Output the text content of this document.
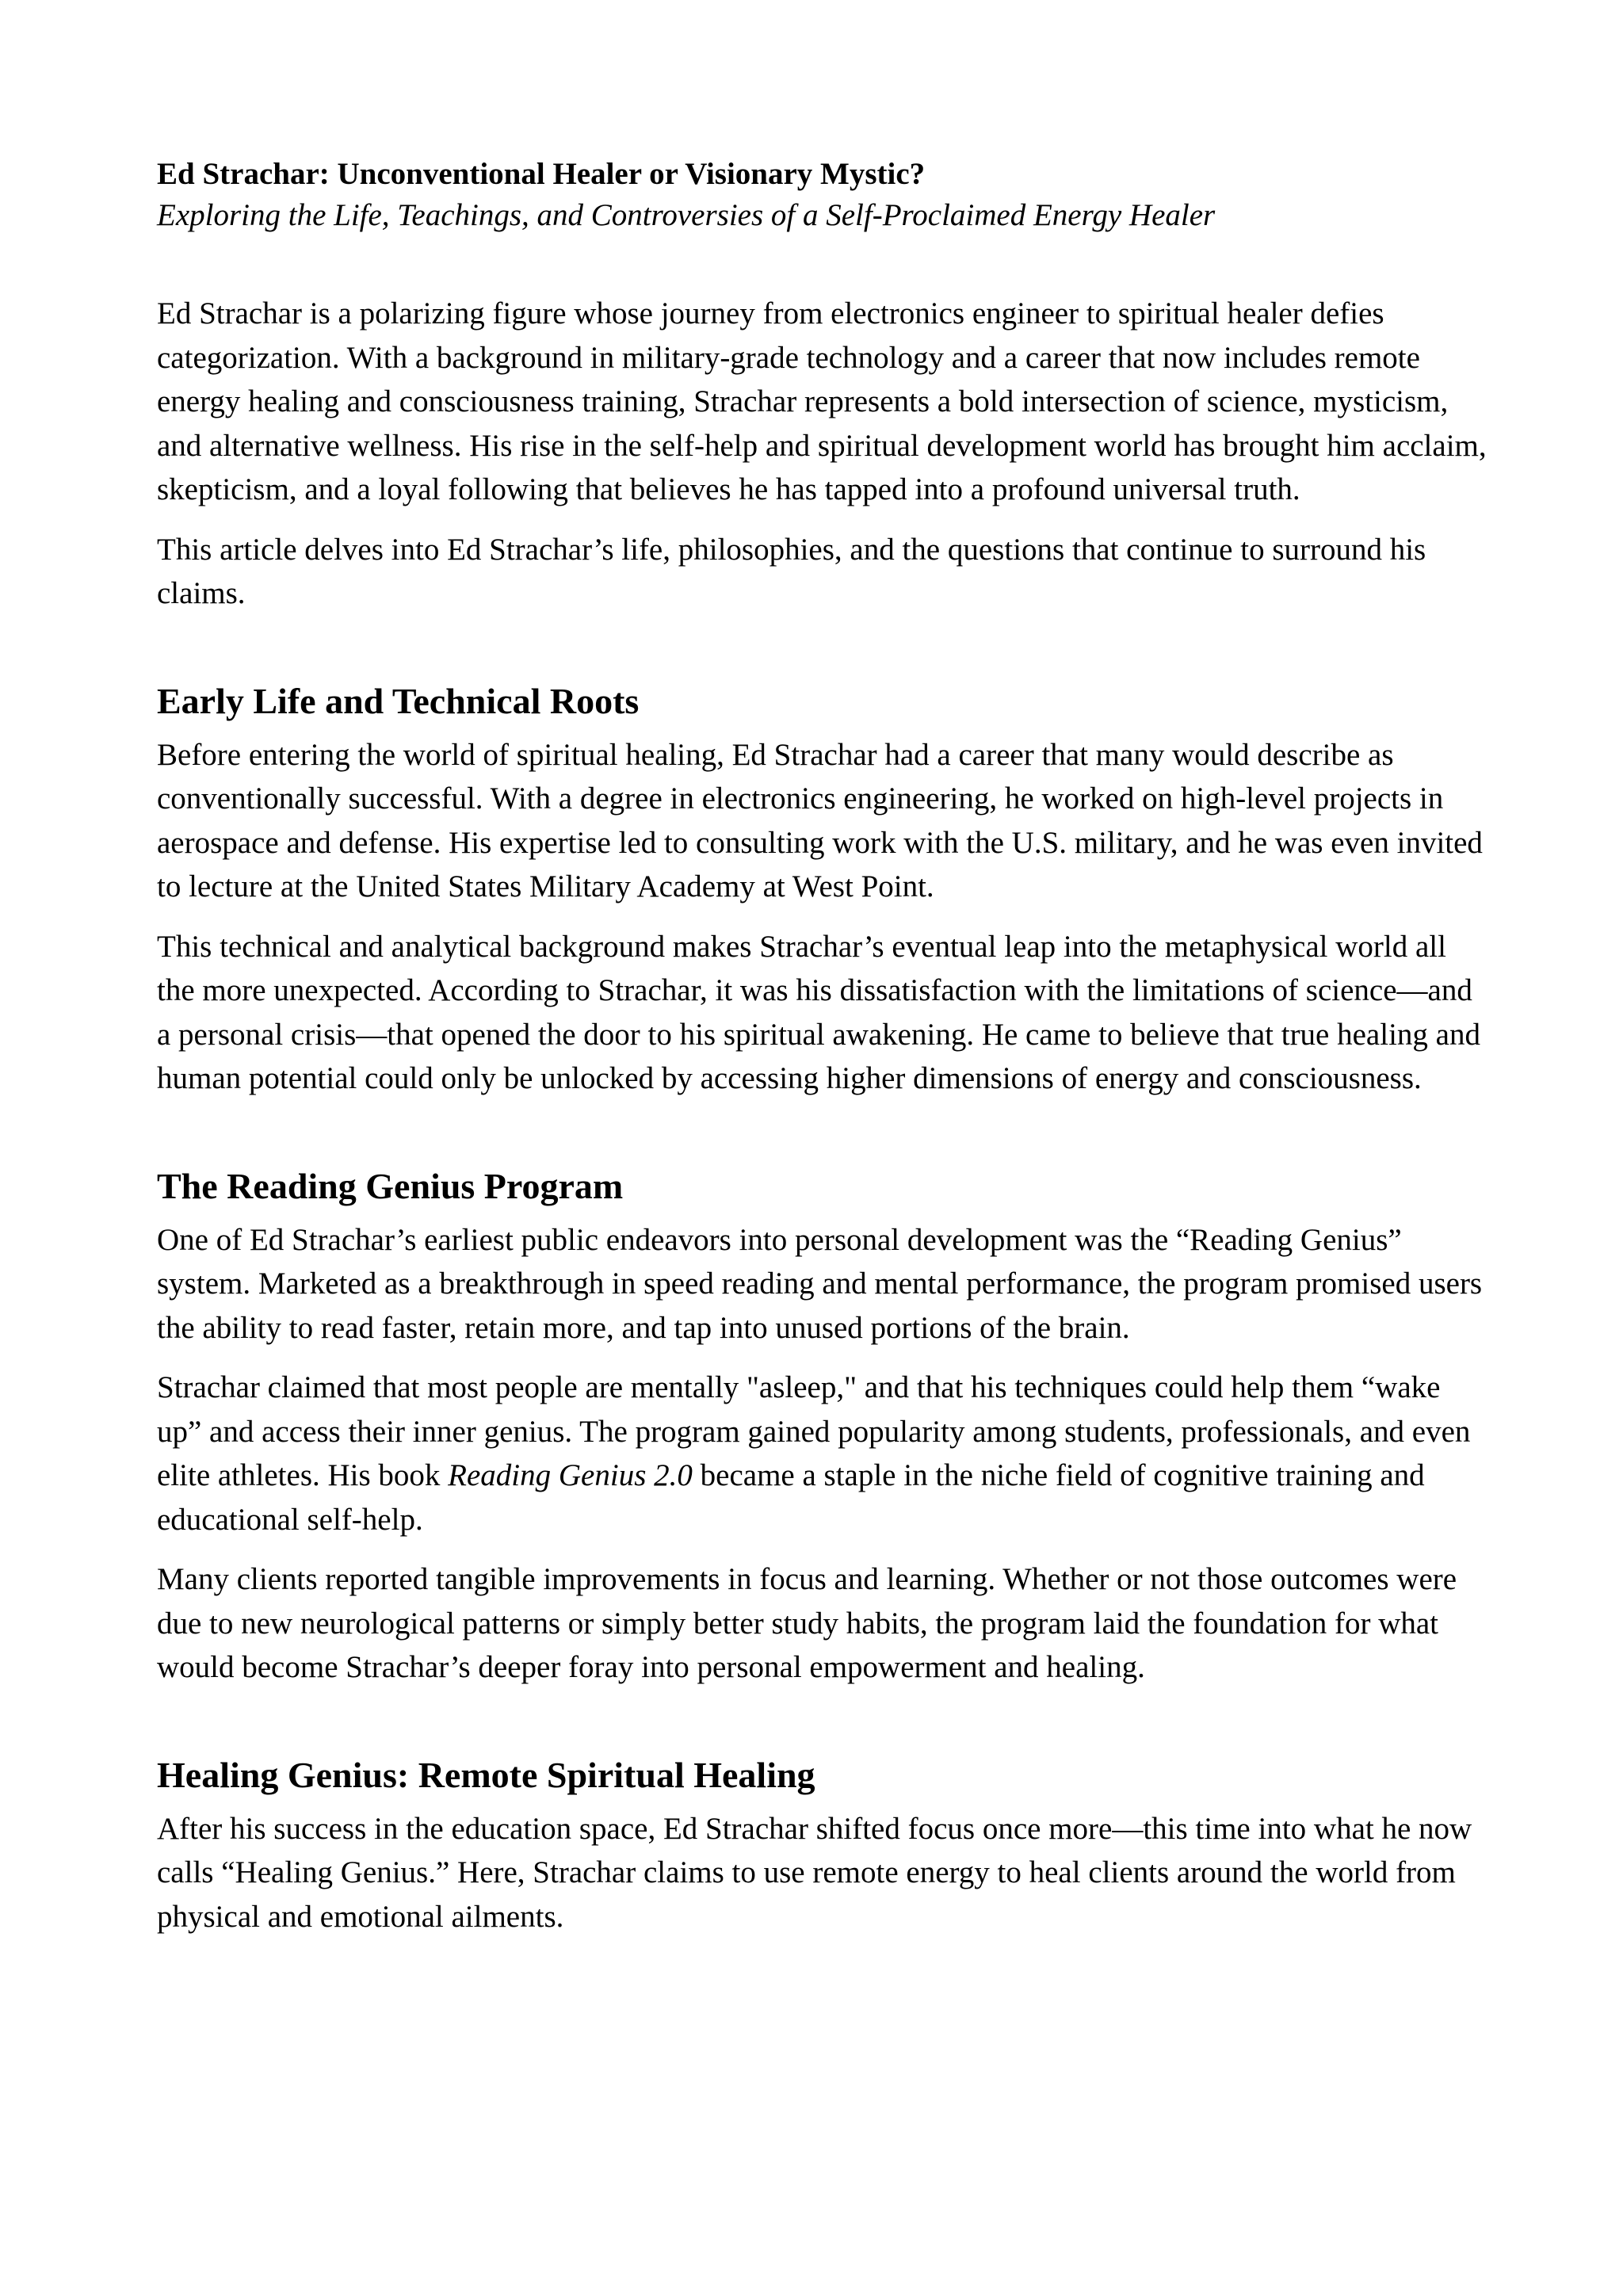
Ed Strachar: Unconventional Healer or Visionary Mystic?
Exploring the Life, Teachings, and Controversies of a Self-Proclaimed Energy Healer

Ed Strachar is a polarizing figure whose journey from electronics engineer to spiritual healer defies categorization. With a background in military-grade technology and a career that now includes remote energy healing and consciousness training, Strachar represents a bold intersection of science, mysticism, and alternative wellness. His rise in the self-help and spiritual development world has brought him acclaim, skepticism, and a loyal following that believes he has tapped into a profound universal truth.

This article delves into Ed Strachar’s life, philosophies, and the questions that continue to surround his claims.

Early Life and Technical Roots

Before entering the world of spiritual healing, Ed Strachar had a career that many would describe as conventionally successful. With a degree in electronics engineering, he worked on high-level projects in aerospace and defense. His expertise led to consulting work with the U.S. military, and he was even invited to lecture at the United States Military Academy at West Point.

This technical and analytical background makes Strachar’s eventual leap into the metaphysical world all the more unexpected. According to Strachar, it was his dissatisfaction with the limitations of science—and a personal crisis—that opened the door to his spiritual awakening. He came to believe that true healing and human potential could only be unlocked by accessing higher dimensions of energy and consciousness.

The Reading Genius Program

One of Ed Strachar’s earliest public endeavors into personal development was the “Reading Genius” system. Marketed as a breakthrough in speed reading and mental performance, the program promised users the ability to read faster, retain more, and tap into unused portions of the brain.

Strachar claimed that most people are mentally "asleep," and that his techniques could help them “wake up” and access their inner genius. The program gained popularity among students, professionals, and even elite athletes. His book Reading Genius 2.0 became a staple in the niche field of cognitive training and educational self-help.

Many clients reported tangible improvements in focus and learning. Whether or not those outcomes were due to new neurological patterns or simply better study habits, the program laid the foundation for what would become Strachar’s deeper foray into personal empowerment and healing.

Healing Genius: Remote Spiritual Healing

After his success in the education space, Ed Strachar shifted focus once more—this time into what he now calls “Healing Genius.” Here, Strachar claims to use remote energy to heal clients around the world from physical and emotional ailments.
